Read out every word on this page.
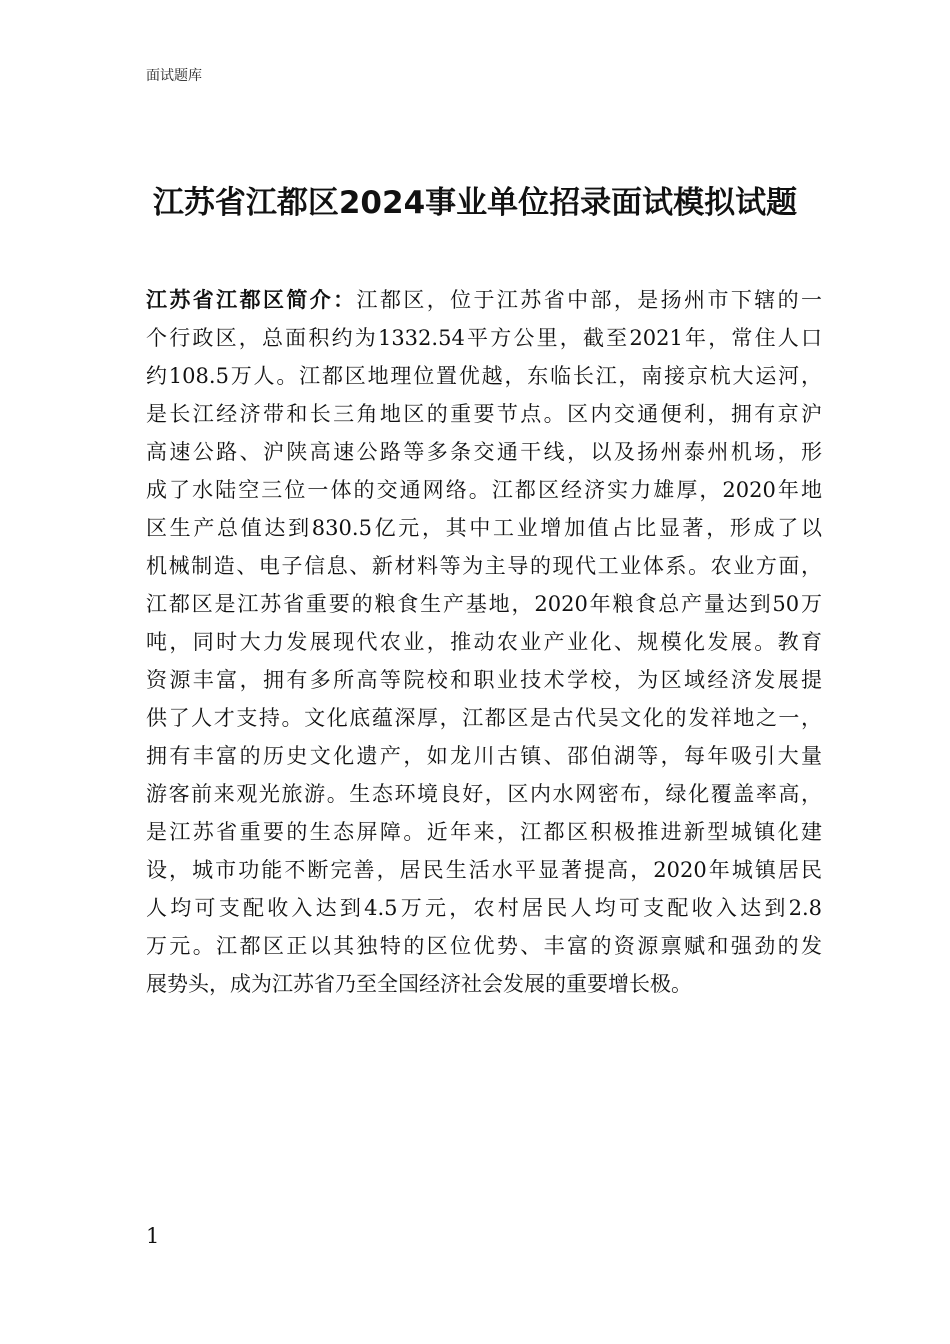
面试题库
江苏省江都区2024事业单位招录面试模拟试题
江苏省江都区简介：江都区，位于江苏省中部，是扬州市下辖的一
个行政区，总面积约为1332.54平方公里，截至2021年，常住人口
约108.5万人。江都区地理位置优越，东临长江，南接京杭大运河，
是长江经济带和长三角地区的重要节点。区内交通便利，拥有京沪
高速公路、沪陕高速公路等多条交通干线，以及扬州泰州机场，形
成了水陆空三位一体的交通网络。江都区经济实力雄厚，2020年地
区生产总值达到830.5亿元，其中工业增加值占比显著，形成了以
机械制造、电子信息、新材料等为主导的现代工业体系。农业方面，
江都区是江苏省重要的粮食生产基地，2020年粮食总产量达到50万
吨，同时大力发展现代农业，推动农业产业化、规模化发展。教育
资源丰富，拥有多所高等院校和职业技术学校，为区域经济发展提
供了人才支持。文化底蕴深厚，江都区是古代吴文化的发祥地之一，
拥有丰富的历史文化遗产，如龙川古镇、邵伯湖等，每年吸引大量
游客前来观光旅游。生态环境良好，区内水网密布，绿化覆盖率高，
是江苏省重要的生态屏障。近年来，江都区积极推进新型城镇化建
设，城市功能不断完善，居民生活水平显著提高，2020年城镇居民
人均可支配收入达到4.5万元，农村居民人均可支配收入达到2.8
万元。江都区正以其独特的区位优势、丰富的资源禀赋和强劲的发
展势头，成为江苏省乃至全国经济社会发展的重要增长极。
1
